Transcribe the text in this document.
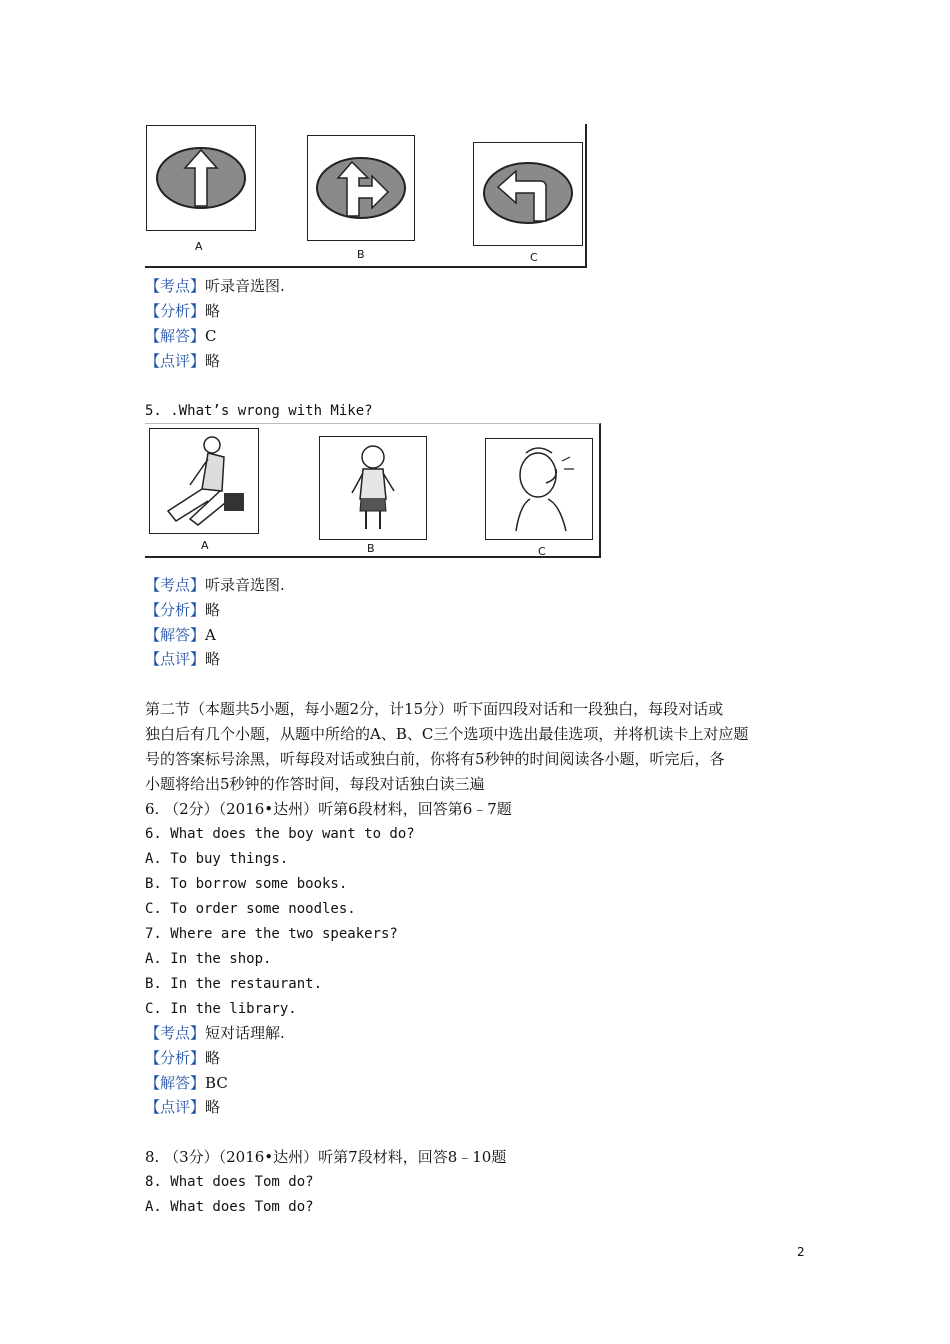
A
B	C
【考点】听录音选图.
【分析】略
【解答】C
【点评】略
5. .What’s wrong with Mike?
A	B	C
【考点】听录音选图.
【分析】略
【解答】A
【点评】略
第二节（本题共5小题，每小题2分，计15分）听下面四段对话和一段独白，每段对话或
独白后有几个小题，从题中所给的A、B、C三个选项中选出最佳选项，并将机读卡上对应题
号的答案标号涂黑，听每段对话或独白前，你将有5秒钟的时间阅读各小题，听完后，各
小题将给出5秒钟的作答时间，每段对话独白读三遍
6. （2分）（2016•达州）听第6段材料，回答第6﹣7题
6. What does the boy want to do?
A. To buy things.
B. To borrow some books.
C. To order some noodles.
7. Where are the two speakers?
A. In the shop.
B. In the restaurant.
C. In the library.
【考点】短对话理解.
【分析】略
【解答】BC
【点评】略
8. （3分）（2016•达州）听第7段材料，回答8﹣10题
8. What does Tom do?
A. What does Tom do?
2
